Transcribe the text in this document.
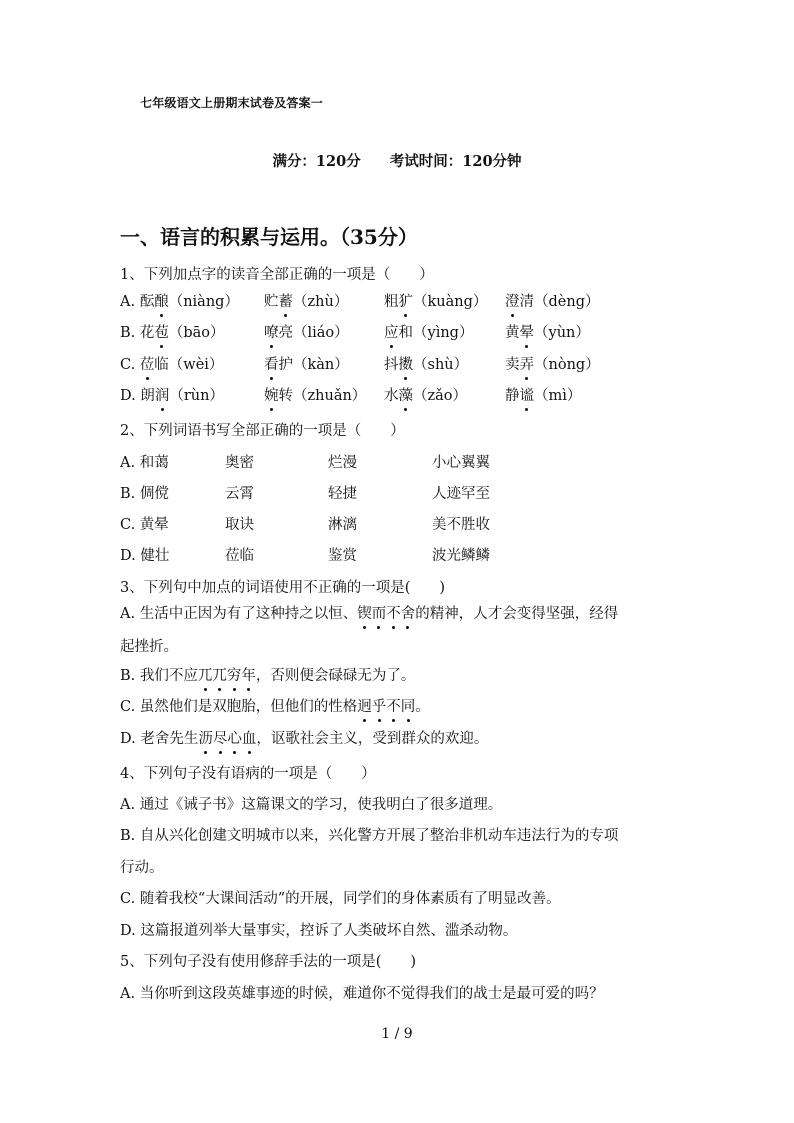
七年级语文上册期末试卷及答案一
满分：120分 考试时间：120分钟
一、语言的积累与运用。（35分）
1、下列加点字的读音全部正确的一项是（　　）
A. 酝酿（niàng） 贮蓄（zhù） 粗犷（kuàng） 澄清（dèng）
B. 花苞（bāo）	嘹亮（liáo） 应和（yìng） 黄晕（yùn）
C. 莅临（wèi）	看护（kàn） 抖擞（shù）	卖弄（nòng）
D. 朗润（rùn）	婉转（zhuǎn） 水藻（zǎo）	静谧（mì）
2、下列词语书写全部正确的一项是（　　）
A. 和蔼	奥密	烂漫	小心翼翼
B. 倜傥	云霄	轻捷	人迹罕至
C. 黄晕	取诀	淋漓	美不胜收
D. 健壮	莅临	鉴赏	波光鳞鳞
3、下列句中加点的词语使用不正确的一项是(　　)
A. 生活中正因为有了这种持之以恒、锲而不舍的精神，人才会变得坚强，经得
起挫折。
B. 我们不应兀兀穷年，否则便会碌碌无为了。
C. 虽然他们是双胞胎，但他们的性格迥乎不同。
D. 老舍先生沥尽心血，讴歌社会主义，受到群众的欢迎。
4、下列句子没有语病的一项是（　　）
A. 通过《诫子书》这篇课文的学习，使我明白了很多道理。
B. 自从兴化创建文明城市以来，兴化警方开展了整治非机动车违法行为的专项
行动。
C. 随着我校“大课间活动”的开展，同学们的身体素质有了明显改善。
D. 这篇报道列举大量事实，控诉了人类破坏自然、滥杀动物。
5、下列句子没有使用修辞手法的一项是(　　)
A. 当你听到这段英雄事迹的时候，难道你不觉得我们的战士是最可爱的吗？
1 / 9
